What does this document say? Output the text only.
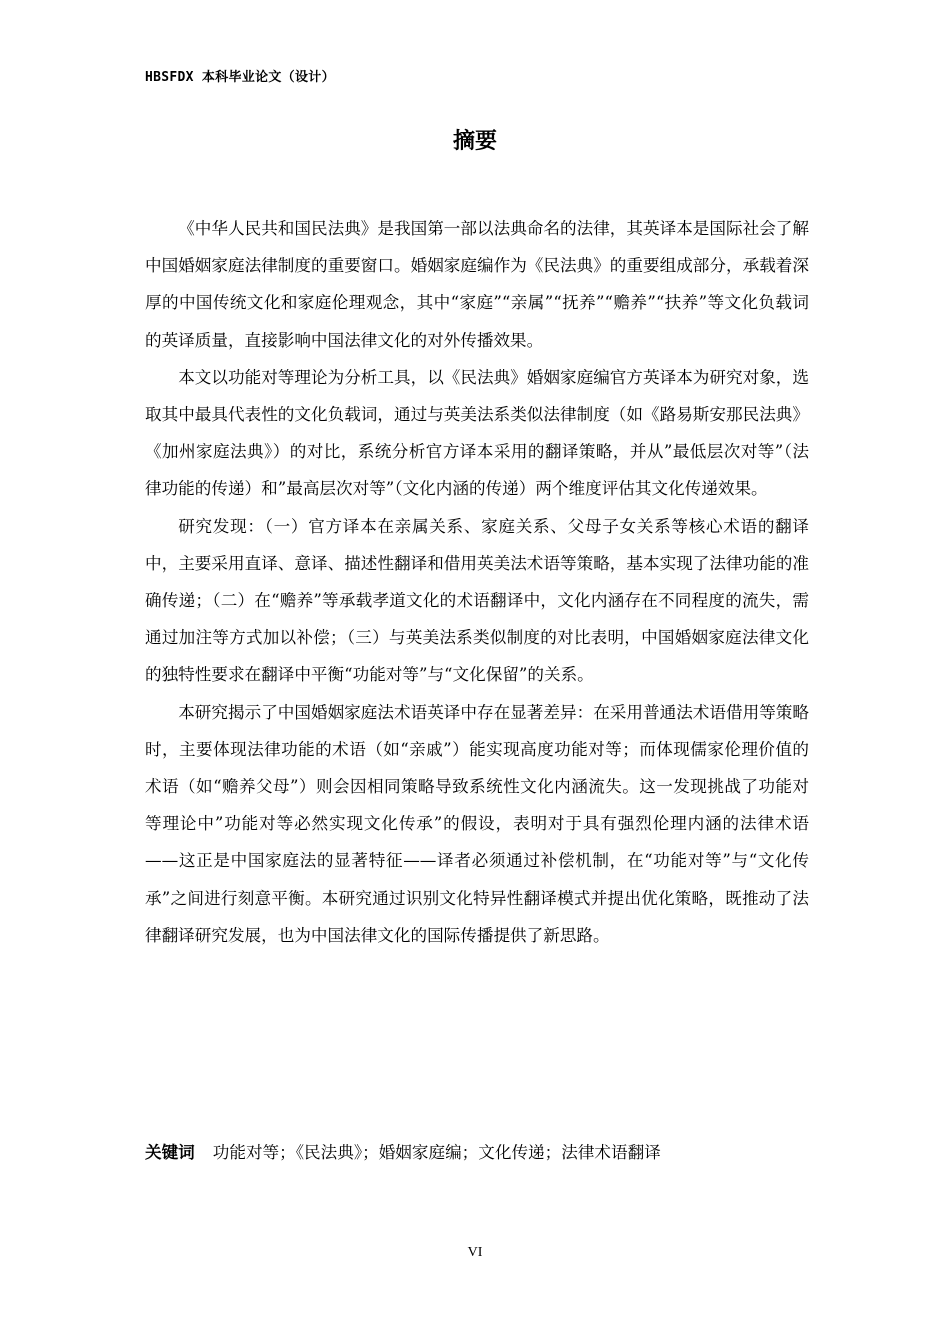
HBSFDX 本科毕业论文（设计）
摘要

《中华人民共和国民法典》是我国第一部以法典命名的法律，其英译本是国际社会了解中国婚姻家庭法律制度的重要窗口。婚姻家庭编作为《民法典》的重要组成部分，承载着深厚的中国传统文化和家庭伦理观念，其中“家庭”“亲属”“抚养”“赡养”“扶养”等文化负载词的英译质量，直接影响中国法律文化的对外传播效果。

本文以功能对等理论为分析工具，以《民法典》婚姻家庭编官方英译本为研究对象，选取其中最具代表性的文化负载词，通过与英美法系类似法律制度（如《路易斯安那民法典》《加州家庭法典》）的对比，系统分析官方译本采用的翻译策略，并从”最低层次对等”（法律功能的传递）和”最高层次对等”（文化内涵的传递）两个维度评估其文化传递效果。

研究发现：（一）官方译本在亲属关系、家庭关系、父母子女关系等核心术语的翻译中，主要采用直译、意译、描述性翻译和借用英美法术语等策略，基本实现了法律功能的准确传递；（二）在“赡养”等承载孝道文化的术语翻译中，文化内涵存在不同程度的流失，需通过加注等方式加以补偿；（三）与英美法系类似制度的对比表明，中国婚姻家庭法律文化的独特性要求在翻译中平衡“功能对等”与“文化保留”的关系。

本研究揭示了中国婚姻家庭法术语英译中存在显著差异：在采用普通法术语借用等策略时，主要体现法律功能的术语（如“亲戚”）能实现高度功能对等；而体现儒家伦理价值的术语（如“赡养父母”）则会因相同策略导致系统性文化内涵流失。这一发现挑战了功能对等理论中”功能对等必然实现文化传承”的假设，表明对于具有强烈伦理内涵的法律术语——这正是中国家庭法的显著特征——译者必须通过补偿机制，在“功能对等”与“文化传承”之间进行刻意平衡。本研究通过识别文化特异性翻译模式并提出优化策略，既推动了法律翻译研究发展，也为中国法律文化的国际传播提供了新思路。

关键词 功能对等；《民法典》；婚姻家庭编；文化传递；法律术语翻译
VI
